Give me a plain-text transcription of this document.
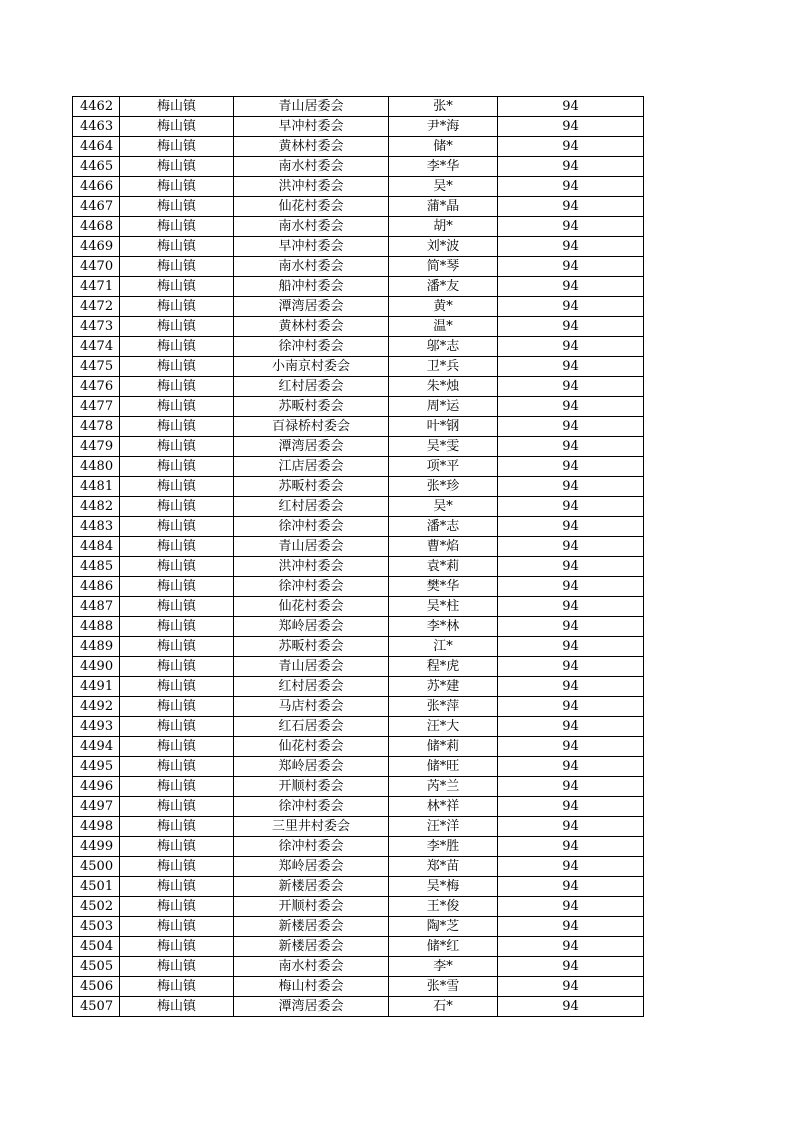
4462	梅山镇	青山居委会	张*	94
4463	梅山镇	早冲村委会	尹*海	94
4464	梅山镇	黄林村委会	储*	94
4465	梅山镇	南水村委会	李*华	94
4466	梅山镇	洪冲村委会	吴*	94
4467	梅山镇	仙花村委会	蒲*晶	94
4468	梅山镇	南水村委会	胡*	94
4469	梅山镇	早冲村委会	刘*波	94
4470	梅山镇	南水村委会	简*琴	94
4471	梅山镇	船冲村委会	潘*友	94
4472	梅山镇	潭湾居委会	黄*	94
4473	梅山镇	黄林村委会	温*	94
4474	梅山镇	徐冲村委会	邬*志	94
4475	梅山镇	小南京村委会	卫*兵	94
4476	梅山镇	红村居委会	朱*烛	94
4477	梅山镇	苏畈村委会	周*运	94
4478	梅山镇	百禄桥村委会	叶*钢	94
4479	梅山镇	潭湾居委会	吴*雯	94
4480	梅山镇	江店居委会	项*平	94
4481	梅山镇	苏畈村委会	张*珍	94
4482	梅山镇	红村居委会	吴*	94
4483	梅山镇	徐冲村委会	潘*志	94
4484	梅山镇	青山居委会	曹*焰	94
4485	梅山镇	洪冲村委会	袁*莉	94
4486	梅山镇	徐冲村委会	樊*华	94
4487	梅山镇	仙花村委会	吴*柱	94
4488	梅山镇	郑岭居委会	李*林	94
4489	梅山镇	苏畈村委会	江*	94
4490	梅山镇	青山居委会	程*虎	94
4491	梅山镇	红村居委会	苏*建	94
4492	梅山镇	马店村委会	张*萍	94
4493	梅山镇	红石居委会	汪*大	94
4494	梅山镇	仙花村委会	储*莉	94
4495	梅山镇	郑岭居委会	储*旺	94
4496	梅山镇	开顺村委会	芮*兰	94
4497	梅山镇	徐冲村委会	林*祥	94
4498	梅山镇	三里井村委会	汪*洋	94
4499	梅山镇	徐冲村委会	李*胜	94
4500	梅山镇	郑岭居委会	郑*苗	94
4501	梅山镇	新楼居委会	吴*梅	94
4502	梅山镇	开顺村委会	王*俊	94
4503	梅山镇	新楼居委会	陶*芝	94
4504	梅山镇	新楼居委会	储*红	94
4505	梅山镇	南水村委会	李*	94
4506	梅山镇	梅山村委会	张*雪	94
4507	梅山镇	潭湾居委会	石*	94
